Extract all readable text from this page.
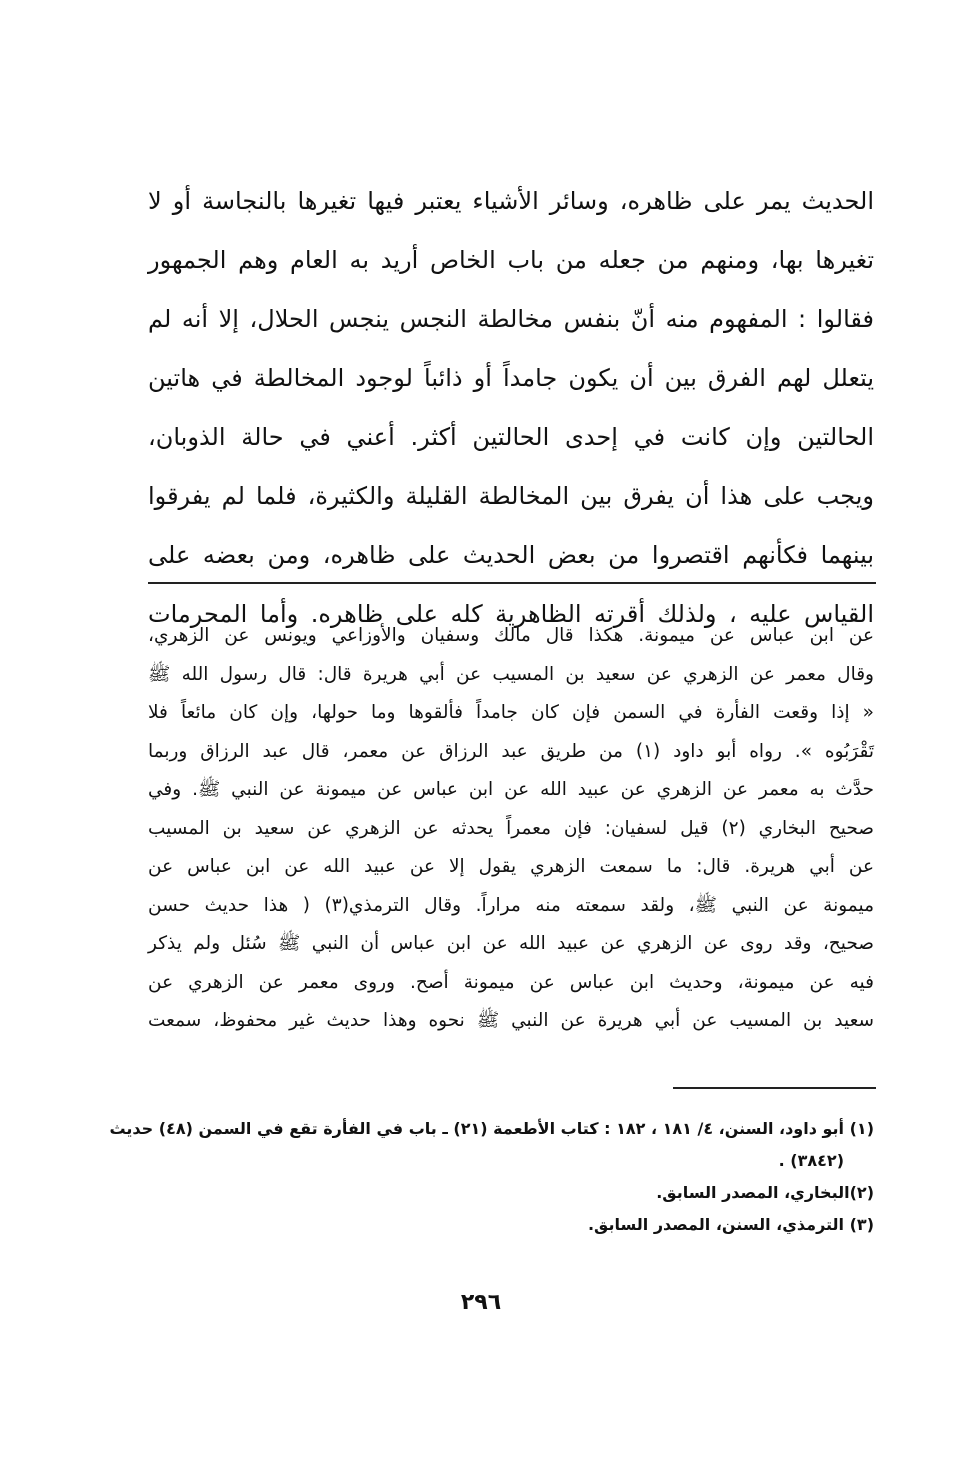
الحديث يمر على ظاهره، وسائر الأشياء يعتبر فيها تغيرها بالنجاسة أو لا
تغيرها بها، ومنهم من جعله من باب الخاص أريد به العام وهم الجمهور
فقالوا : المفهوم منه أنّ بنفس مخالطة النجس ينجس الحلال، إلا أنه لم
يتعلل لهم الفرق بين أن يكون جامداً أو ذائباً لوجود المخالطة في هاتين
الحالتين وإن كانت في إحدى الحالتين أكثر. أعني في حالة الذوبان،
ويجب على هذا أن يفرق بين المخالطة القليلة والكثيرة، فلما لم يفرقوا
بينهما فكأنهم اقتصروا من بعض الحديث على ظاهره، ومن بعضه على
القياس عليه ، ولذلك أقرته الظاهرية كله على ظاهره. وأما المحرمات
عن ابن عباس عن ميمونة. هكذا قال مالك وسفيان والأوزاعي ويونس عن الزهري،
وقال معمر عن الزهري عن سعيد بن المسيب عن أبي هريرة قال: قال رسول الله ﷺ
« إذا وقعت الفأرة في السمن فإن كان جامداً فألقوها وما حولها، وإن كان مائعاً فلا
تَقْرَبُوه ». رواه أبو داود (١) من طريق عبد الرزاق عن معمر، قال عبد الرزاق وربما
حدَّث به معمر عن الزهري عن عبيد الله عن ابن عباس عن ميمونة عن النبي ﷺ. وفي
صحيح البخاري (٢) قيل لسفيان: فإن معمراً يحدثه عن الزهري عن سعيد بن المسيب
عن أبي هريرة. قال: ما سمعت الزهري يقول إلا عن عبيد الله عن ابن عباس عن
ميمونة عن النبي ﷺ، ولقد سمعته منه مراراً. وقال الترمذي(٣) ( هذا حديث حسن
صحيح، وقد روى عن الزهري عن عبيد الله عن ابن عباس أن النبي ﷺ سُئل ولم يذكر
فيه عن ميمونة، وحديث ابن عباس عن ميمونة أصح. وروى معمر عن الزهري عن
سعيد بن المسيب عن أبي هريرة عن النبي ﷺ نحوه وهذا حديث غير محفوظ، سمعت
(١) أبو داود، السنن، ٤/ ١٨١ ، ١٨٢ : كتاب الأطعمة (٢١) ـ باب في الفأرة تقع في السمن (٤٨) حديث
(٣٨٤٢) .
(٢)البخاري، المصدر السابق.
(٣) الترمذي، السنن، المصدر السابق.
٢٩٦
